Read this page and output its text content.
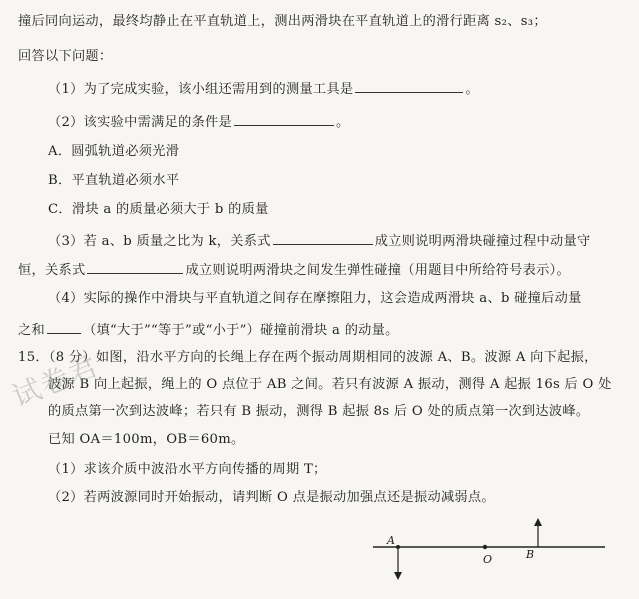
撞后同向运动，最终均静止在平直轨道上，测出两滑块在平直轨道上的滑行距离 s₂、s₃；
回答以下问题：
（1）为了完成实验，该小组还需用到的测量工具是	。
（2）该实验中需满足的条件是	。
A．圆弧轨道必须光滑
B．平直轨道必须水平
C．滑块 a 的质量必须大于 b 的质量
（3）若 a、b 质量之比为 k，关系式	成立则说明两滑块碰撞过程中动量守
恒，关系式	成立则说明两滑块之间发生弹性碰撞（用题目中所给符号表示）。
（4）实际的操作中滑块与平直轨道之间存在摩擦阻力，这会造成两滑块 a、b 碰撞后动量
之和	（填“大于”“等于”或“小于”）碰撞前滑块 a 的动量。
15．（8 分）如图，沿水平方向的长绳上存在两个振动周期相同的波源 A、B。波源 A 向下起振，
波源 B 向上起振，绳上的 O 点位于 AB 之间。若只有波源 A 振动，测得 A 起振 16s 后 O 处
的质点第一次到达波峰；若只有 B 振动，测得 B 起振 8s 后 O 处的质点第一次到达波峰。
已知 OA＝100m，OB＝60m。
（1）求该介质中波沿水平方向传播的周期 T；
（2）若两波源同时开始振动，请判断 O 点是振动加强点还是振动减弱点。
试卷君
A
O	B
